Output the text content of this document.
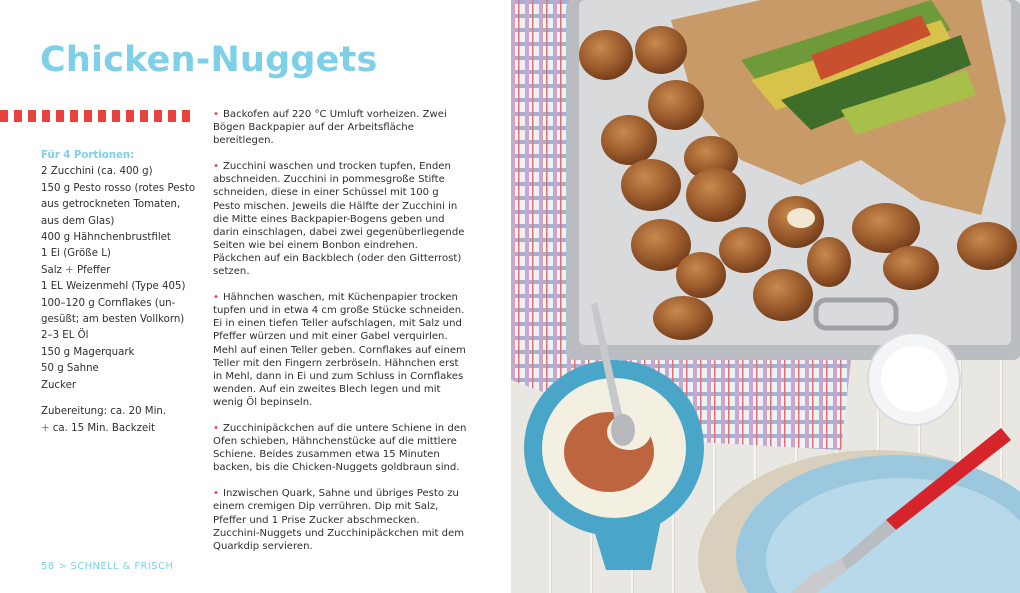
Chicken-Nuggets
Für 4 Portionen:
2 Zucchini (ca. 400 g)
150 g Pesto rosso (rotes Pesto
aus getrockneten Tomaten,
aus dem Glas)
400 g Hähnchenbrustfilet
1 Ei (Größe L)
Salz + Pfeffer
1 EL Weizenmehl (Type 405)
100–120 g Cornflakes (un-
gesüßt; am besten Vollkorn)
2–3 EL Öl
150 g Magerquark
50 g Sahne
Zucker
Zubereitung: ca. 20 Min.
+ ca. 15 Min. Backzeit

• Backofen auf 220 °C Umluft vorheizen. Zwei Bögen Backpapier auf der Arbeitsfläche bereitlegen.

• Zucchini waschen und trocken tupfen, Enden abschneiden. Zucchini in pommesgroße Stifte schneiden, diese in einer Schüssel mit 100 g Pesto mischen. Jeweils die Hälfte der Zucchini in die Mitte eines Backpapier-Bogens geben und darin einschlagen, dabei zwei gegenüberliegende Seiten wie bei einem Bonbon eindrehen. Päckchen auf ein Backblech (oder den Gitterrost) setzen.

• Hähnchen waschen, mit Küchenpapier trocken tupfen und in etwa 4 cm große Stücke schneiden. Ei in einen tiefen Teller aufschlagen, mit Salz und Pfeffer würzen und mit einer Gabel verquirlen. Mehl auf einen Teller geben. Cornflakes auf einem Teller mit den Fingern zerbröseln. Hähnchen erst in Mehl, dann in Ei und zum Schluss in Cornflakes wenden. Auf ein zweites Blech legen und mit wenig Öl bepinseln.

• Zucchinipäckchen auf die untere Schiene in den Ofen schieben, Hähnchenstücke auf die mittlere Schiene. Beides zusammen etwa 15 Minuten backen, bis die Chicken-Nuggets goldbraun sind.

• Inzwischen Quark, Sahne und übriges Pesto zu einem cremigen Dip verrühren. Dip mit Salz, Pfeffer und 1 Prise Zucker abschmecken. Zucchini-Nuggets und Zucchinipäckchen mit dem Quarkdip servieren.

58 > SCHNELL & FRISCH
